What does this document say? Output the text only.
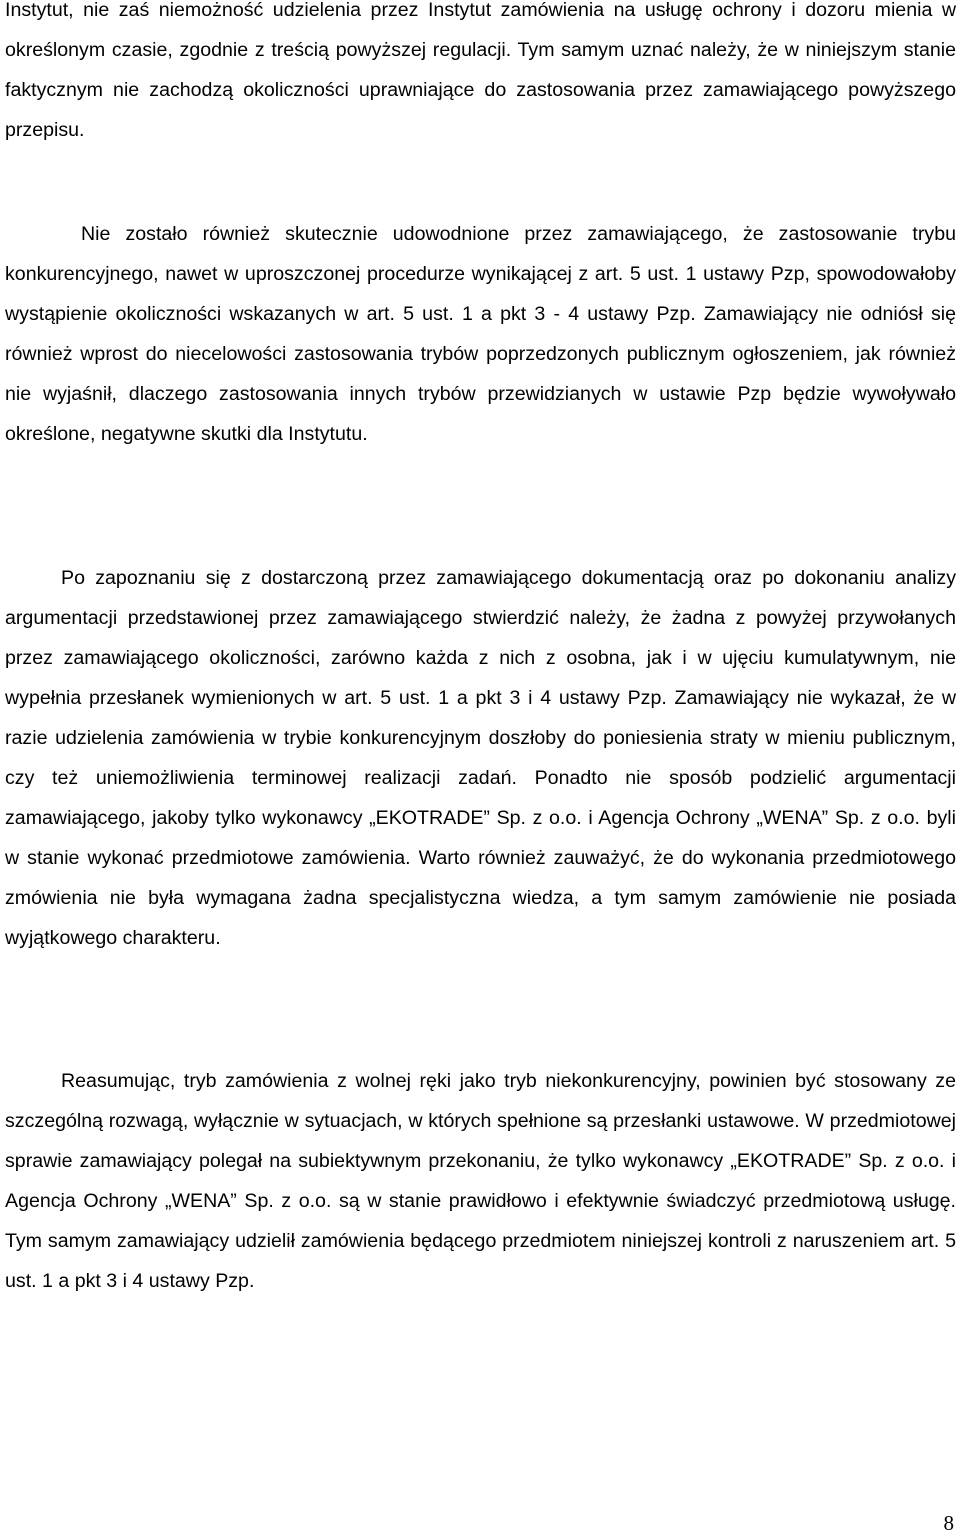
Instytut, nie zaś niemożność udzielenia przez Instytut zamówienia na usługę ochrony i dozoru mienia w określonym czasie, zgodnie z treścią powyższej regulacji. Tym samym uznać należy, że w niniejszym stanie faktycznym nie zachodzą okoliczności uprawniające do zastosowania przez zamawiającego powyższego przepisu.

Nie zostało również skutecznie udowodnione przez zamawiającego, że zastosowanie trybu konkurencyjnego, nawet w uproszczonej procedurze wynikającej z art. 5 ust. 1 ustawy Pzp, spowodowałoby wystąpienie okoliczności wskazanych w art. 5 ust. 1 a pkt 3 - 4 ustawy Pzp. Zamawiający nie odniósł się również wprost do niecelowości zastosowania trybów poprzedzonych publicznym ogłoszeniem, jak również nie wyjaśnił, dlaczego zastosowania innych trybów przewidzianych w ustawie Pzp będzie wywoływało określone, negatywne skutki dla Instytutu.

Po zapoznaniu się z dostarczoną przez zamawiającego dokumentacją oraz po dokonaniu analizy argumentacji przedstawionej przez zamawiającego stwierdzić należy, że żadna z powyżej przywołanych przez zamawiającego okoliczności, zarówno każda z nich z osobna, jak i w ujęciu kumulatywnym, nie wypełnia przesłanek wymienionych w art. 5 ust. 1 a pkt 3 i 4 ustawy Pzp. Zamawiający nie wykazał, że w razie udzielenia zamówienia w trybie konkurencyjnym doszłoby do poniesienia straty w mieniu publicznym, czy też uniemożliwienia terminowej realizacji zadań. Ponadto nie sposób podzielić argumentacji zamawiającego, jakoby tylko wykonawcy „EKOTRADE” Sp. z o.o. i Agencja Ochrony „WENA” Sp. z o.o. byli w stanie wykonać przedmiotowe zamówienia. Warto również zauważyć, że do wykonania przedmiotowego zmówienia nie była wymagana żadna specjalistyczna wiedza, a tym samym zamówienie nie posiada wyjątkowego charakteru.

Reasumując, tryb zamówienia z wolnej ręki jako tryb niekonkurencyjny, powinien być stosowany ze szczególną rozwagą, wyłącznie w sytuacjach, w których spełnione są przesłanki ustawowe. W przedmiotowej sprawie zamawiający polegał na subiektywnym przekonaniu, że tylko wykonawcy „EKOTRADE” Sp. z o.o. i Agencja Ochrony „WENA” Sp. z o.o. są w stanie prawidłowo i efektywnie świadczyć przedmiotową usługę. Tym samym zamawiający udzielił zamówienia będącego przedmiotem niniejszej kontroli z naruszeniem art. 5 ust. 1 a pkt 3 i 4 ustawy Pzp.

8
